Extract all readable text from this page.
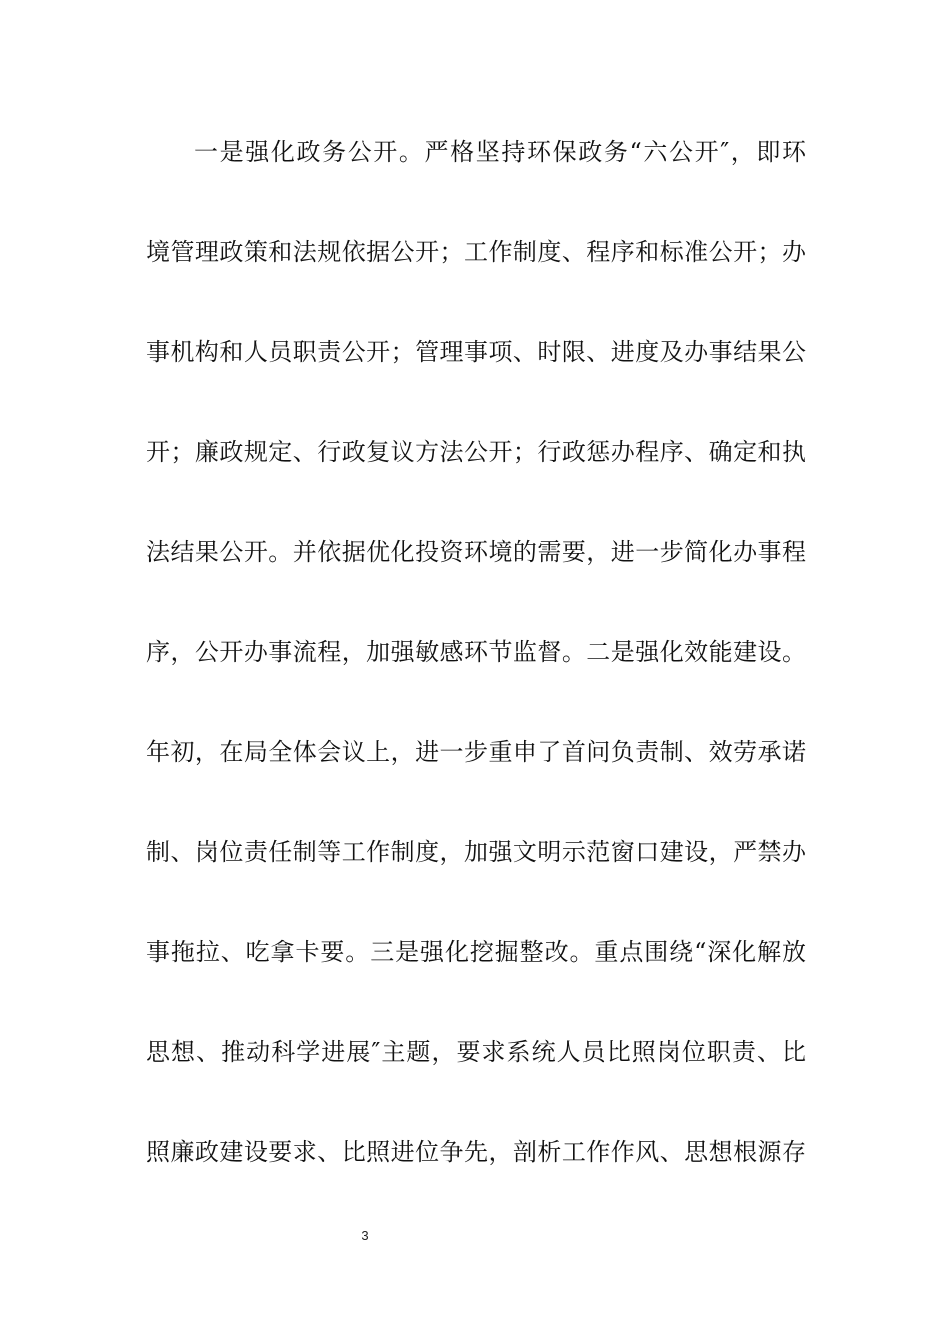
一是强化政务公开。严格坚持环保政务“六公开″，即环
境管理政策和法规依据公开；工作制度、程序和标准公开；办
事机构和人员职责公开；管理事项、时限、进度及办事结果公
开；廉政规定、行政复议方法公开；行政惩办程序、确定和执
法结果公开。并依据优化投资环境的需要，进一步简化办事程
序，公开办事流程，加强敏感环节监督。二是强化效能建设。
年初，在局全体会议上，进一步重申了首问负责制、效劳承诺
制、岗位责任制等工作制度，加强文明示范窗口建设，严禁办
事拖拉、吃拿卡要。三是强化挖掘整改。重点围绕“深化解放
思想、推动科学进展″主题，要求系统人员比照岗位职责、比
照廉政建设要求、比照进位争先，剖析工作作风、思想根源存
3
